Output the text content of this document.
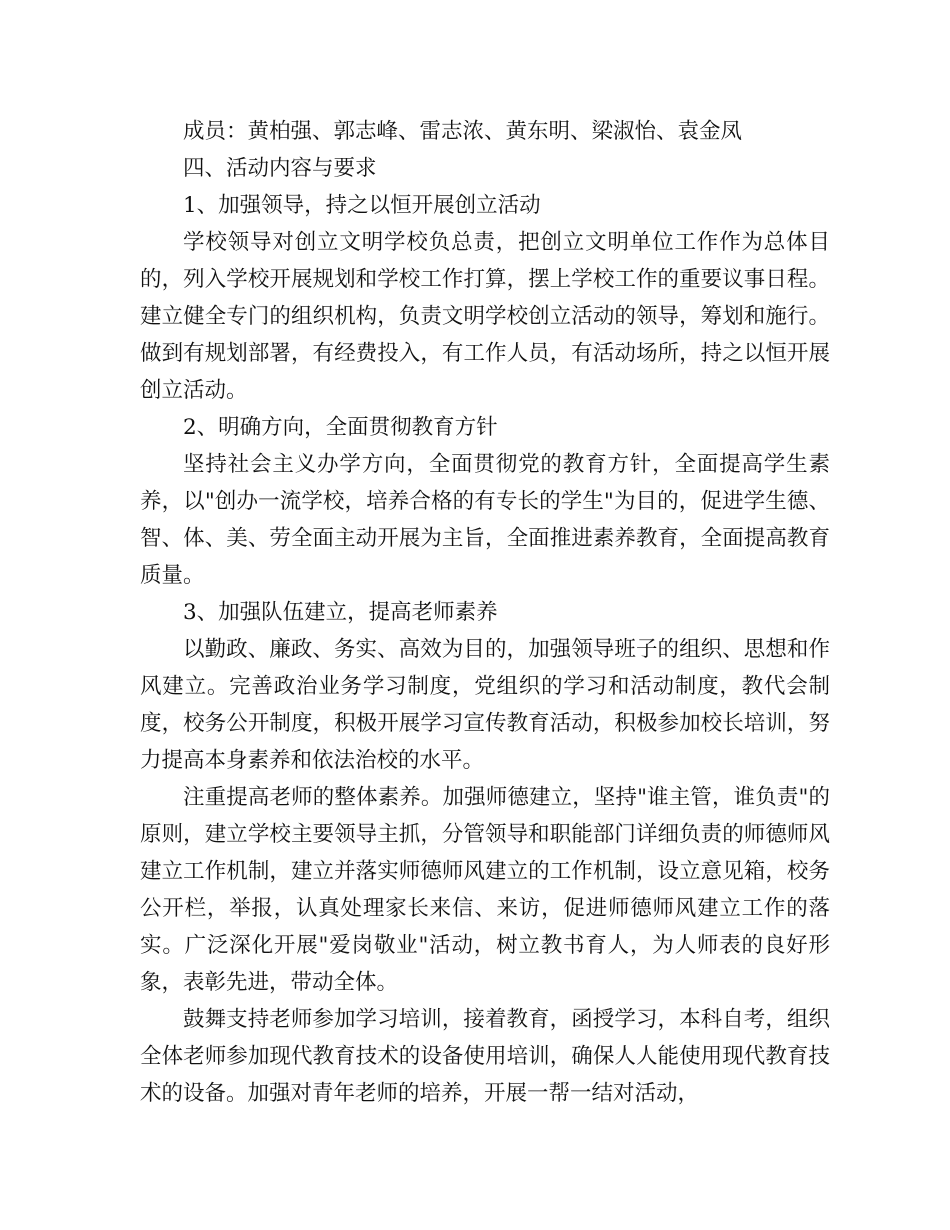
成员：黄柏强、郭志峰、雷志浓、黄东明、梁淑怡、袁金凤

四、活动内容与要求

1、加强领导，持之以恒开展创立活动

学校领导对创立文明学校负总责，把创立文明单位工作作为总体目的，列入学校开展规划和学校工作打算，摆上学校工作的重要议事日程。建立健全专门的组织机构，负责文明学校创立活动的领导，筹划和施行。做到有规划部署，有经费投入，有工作人员，有活动场所，持之以恒开展创立活动。

2、明确方向，全面贯彻教育方针

坚持社会主义办学方向，全面贯彻党的教育方针，全面提高学生素养，以"创办一流学校，培养合格的有专长的学生"为目的，促进学生德、智、体、美、劳全面主动开展为主旨，全面推进素养教育，全面提高教育质量。

3、加强队伍建立，提高老师素养

以勤政、廉政、务实、高效为目的，加强领导班子的组织、思想和作风建立。完善政治业务学习制度，党组织的学习和活动制度，教代会制度，校务公开制度，积极开展学习宣传教育活动，积极参加校长培训，努力提高本身素养和依法治校的水平。

注重提高老师的整体素养。加强师德建立，坚持"谁主管，谁负责"的原则，建立学校主要领导主抓，分管领导和职能部门详细负责的师德师风建立工作机制，建立并落实师德师风建立的工作机制，设立意见箱，校务公开栏，举报，认真处理家长来信、来访，促进师德师风建立工作的落实。广泛深化开展"爱岗敬业"活动，树立教书育人，为人师表的良好形象，表彰先进，带动全体。

鼓舞支持老师参加学习培训，接着教育，函授学习，本科自考，组织全体老师参加现代教育技术的设备使用培训，确保人人能使用现代教育技术的设备。加强对青年老师的培养，开展一帮一结对活动，
